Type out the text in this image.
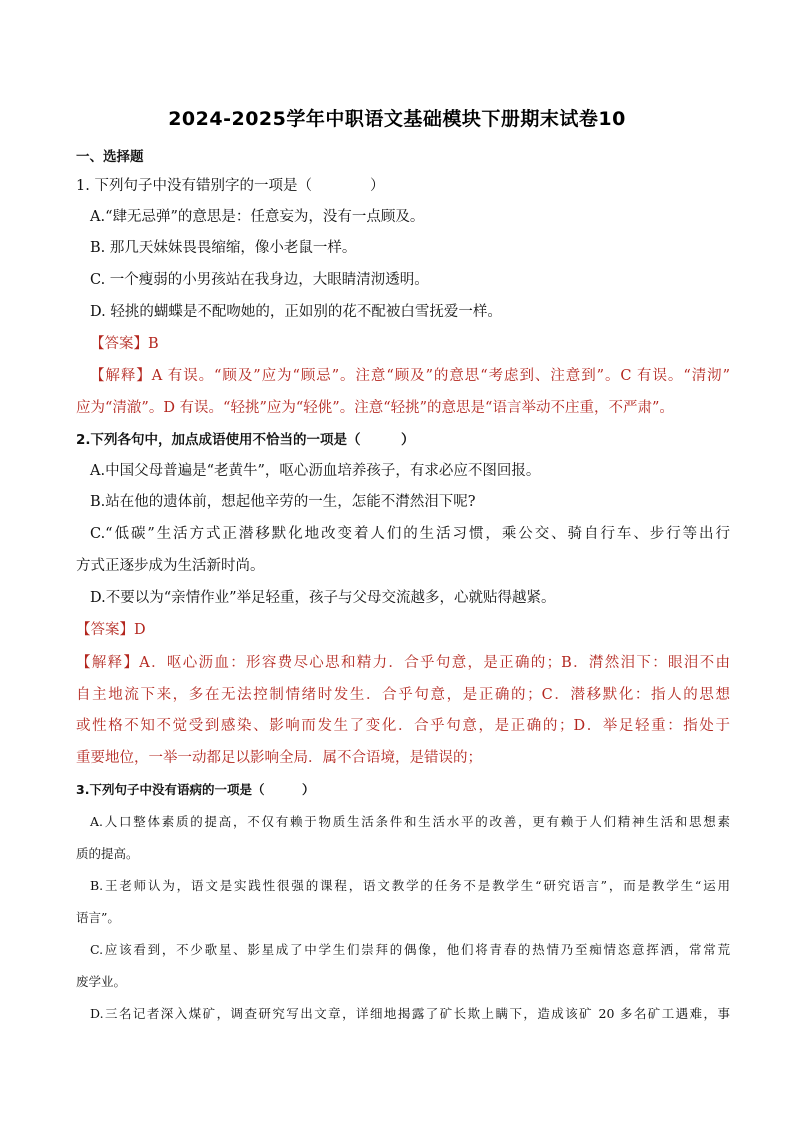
2024-2025学年中职语文基础模块下册期末试卷10
一、选择题
1. 下列句子中没有错别字的一项是（　　　　）
A.“肆无忌弹”的意思是：任意妄为，没有一点顾及。
B. 那几天妹妹畏畏缩缩，像小老鼠一样。
C. 一个瘦弱的小男孩站在我身边，大眼睛清沏透明。
D. 轻挑的蝴蝶是不配吻她的，正如别的花不配被白雪抚爱一样。
【答案】B
【解释】A 有误。“顾及”应为“顾忌”。注意“顾及”的意思“考虑到、注意到”。C 有误。“清沏”
应为“清澈”。D 有误。“轻挑”应为“轻佻”。注意“轻挑”的意思是“语言举动不庄重，不严肃”。
2.下列各句中，加点成语使用不恰当的一项是（　　　）
A.中国父母普遍是“老黄牛”，呕心沥血培养孩子，有求必应不图回报。
B.站在他的遗体前，想起他辛劳的一生，怎能不潸然泪下呢?
C.“低碳”生活方式正潜移默化地改变着人们的生活习惯，乘公交、骑自行车、步行等出行
方式正逐步成为生活新时尚。
D.不要以为“亲情作业”举足轻重，孩子与父母交流越多，心就贴得越紧。
【答案】D
【解释】A．呕心沥血：形容费尽心思和精力．合乎句意，是正确的；B．潸然泪下：眼泪不由
自主地流下来，多在无法控制情绪时发生．合乎句意，是正确的；C．潜移默化：指人的思想
或性格不知不觉受到感染、影响而发生了变化．合乎句意，是正确的；D．举足轻重：指处于
重要地位，一举一动都足以影响全局．属不合语境，是错误的；
3.下列句子中没有语病的一项是（　　　）
A.人口整体素质的提高，不仅有赖于物质生活条件和生活水平的改善，更有赖于人们精神生活和思想素
质的提高。
B.王老师认为，语文是实践性很强的课程，语文教学的任务不是教学生“研究语言”，而是教学生“运用
语言”。
C.应该看到，不少歌星、影星成了中学生们崇拜的偶像，他们将青春的热情乃至痴情恣意挥洒，常常荒
废学业。
D.三名记者深入煤矿，调查研究写出文章，详细地揭露了矿长欺上瞒下，造成该矿 20 多名矿工遇难，事
